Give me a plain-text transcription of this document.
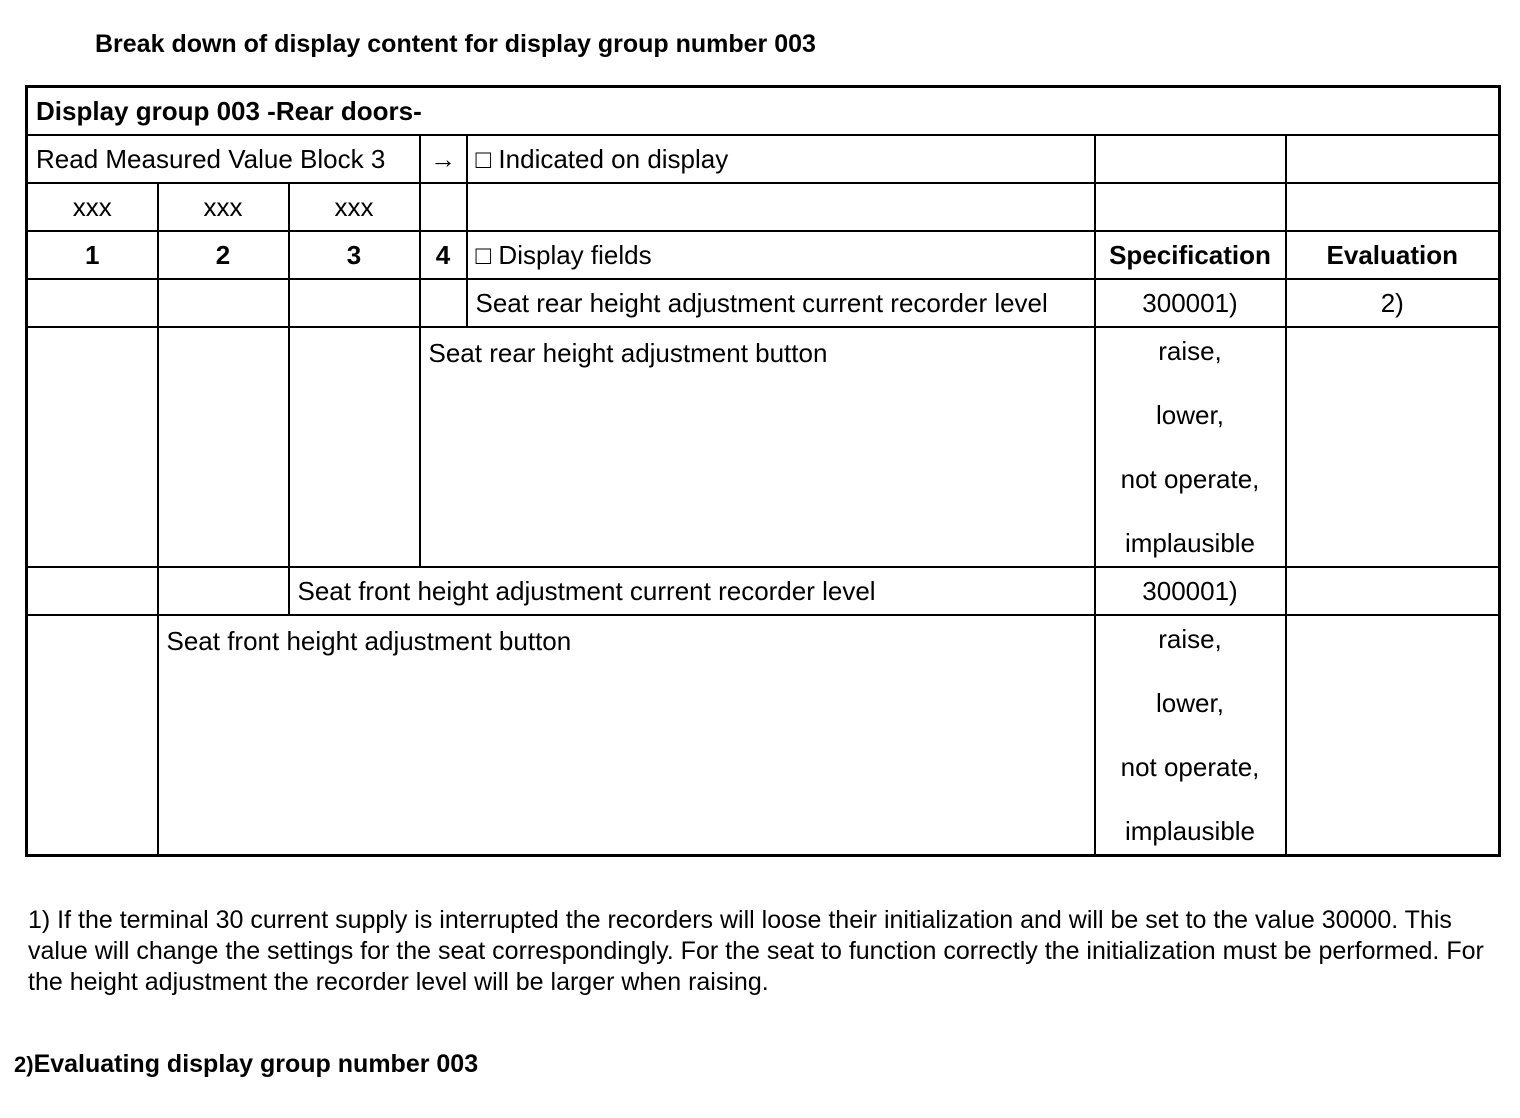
Break down of display content for display group number 003
Display group 003 -Rear doors-						
Read Measured Value Block 3			→	□ Indicated on display		
xxx	xxx	xxx				
1	2	3	4	□ Display fields	Specification	Evaluation
				Seat rear height adjustment current recorder level	300001)	2)
			Seat rear height adjustment button		raise,
lower,
not operate,
implausible	

		Seat front height adjustment current recorder level			300001)	
	Seat front height adjustment button				raise,
lower,
not operate,
implausible	

1) If the terminal 30 current supply is interrupted the recorders will loose their initialization and will be set to the value 30000. This value will change the settings for the seat correspondingly. For the seat to function correctly the initialization must be performed. For the height adjustment the recorder level will be larger when raising.
2)Evaluating display group number 003
